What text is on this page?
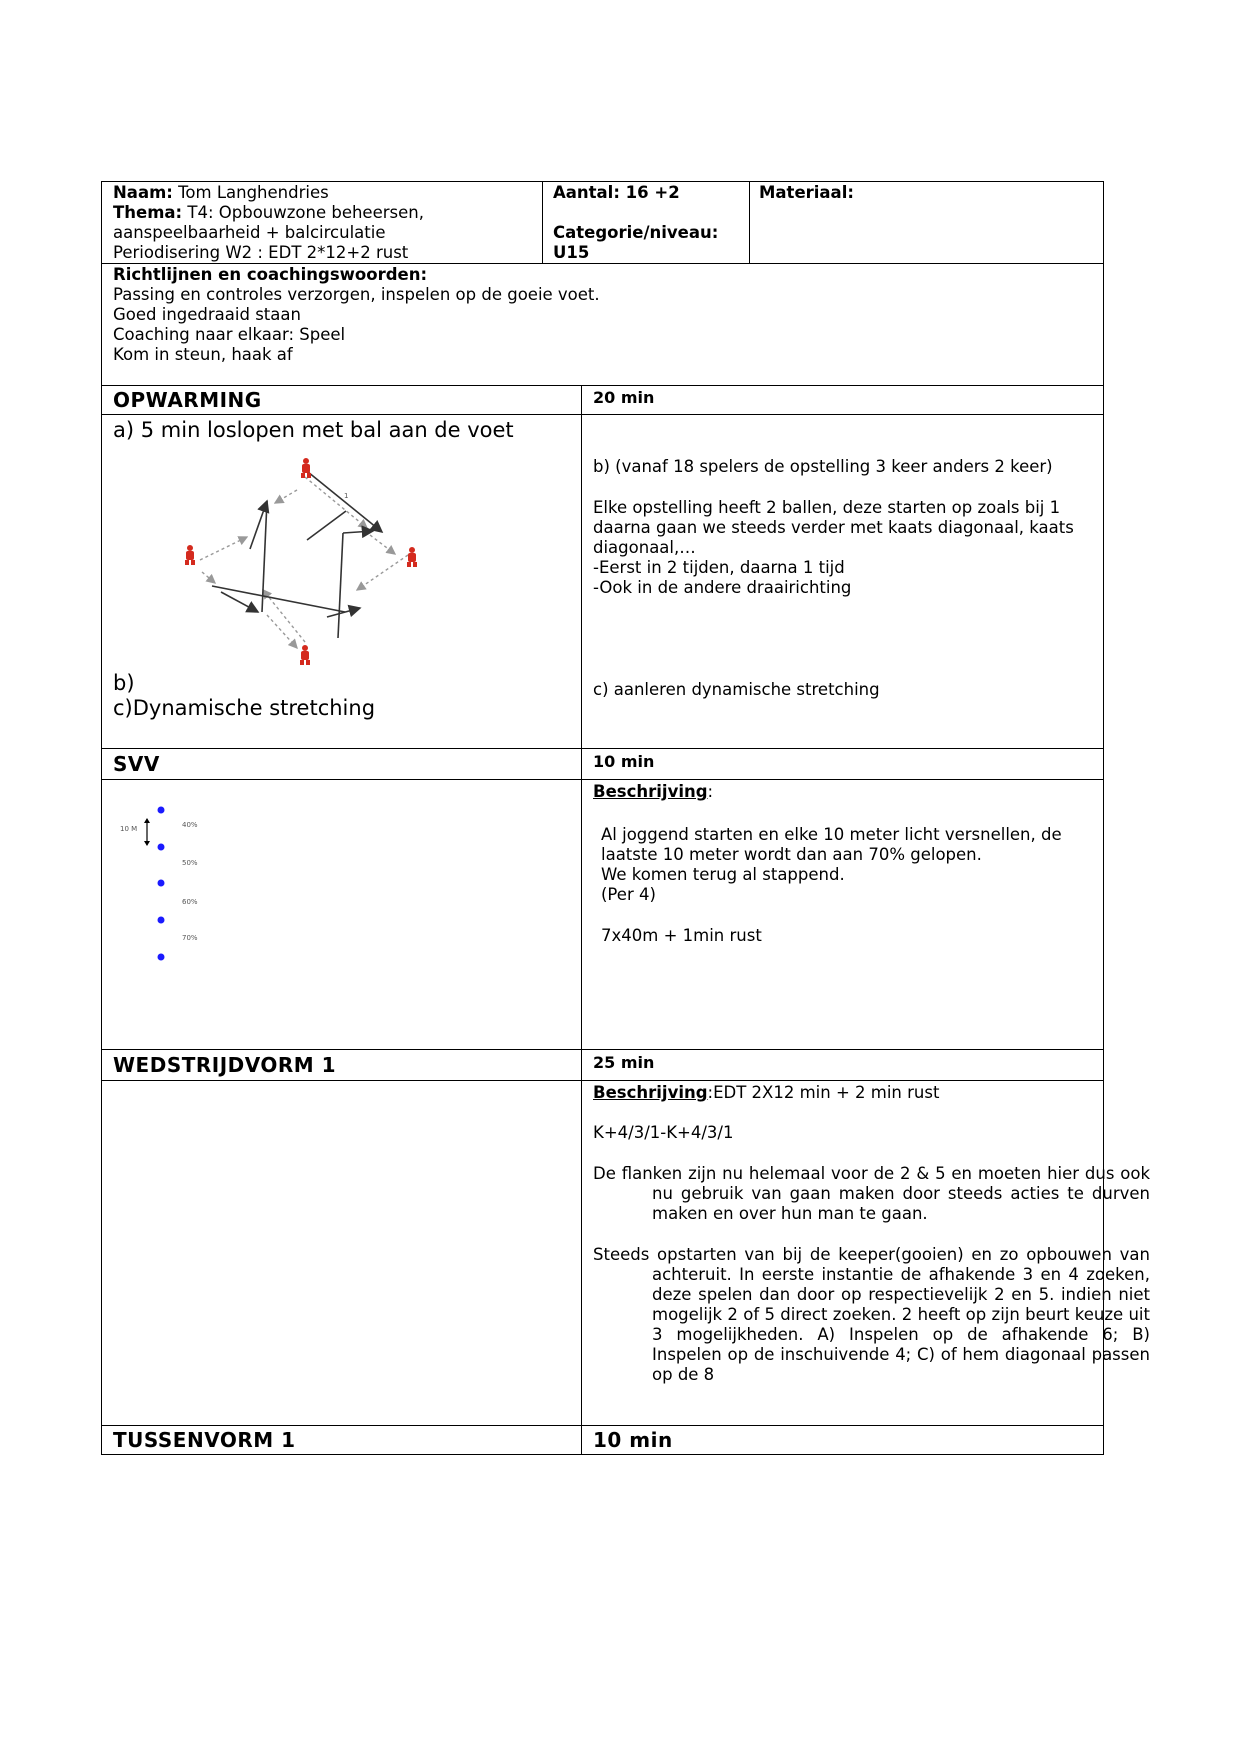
Naam: Tom Langhendries
Thema: T4: Opbouwzone beheersen,
aanspeelbaarheid + balcirculatie
Periodisering W2 : EDT 2*12+2 rust
Aantal: 16 +2
Categorie/niveau:
U15
Materiaal:
Richtlijnen en coachingswoorden:
Passing en controles verzorgen, inspelen op de goeie voet.
Goed ingedraaid staan
Coaching naar elkaar: Speel
Kom in steun, haak af
OPWARMING	20 min
a) 5 min loslopen met bal aan de voet
1
b)
c)Dynamische stretching
b) (vanaf 18 spelers de opstelling 3 keer anders 2 keer)
Elke opstelling heeft 2 ballen, deze starten op zoals bij 1
daarna gaan we steeds verder met kaats diagonaal, kaats
diagonaal,…
-Eerst in 2 tijden, daarna 1 tijd
-Ook in de andere draairichting
c) aanleren dynamische stretching
SVV	10 min
10 M	40%
50%
60%
70%
Beschrijving:
Al joggend starten en elke 10 meter licht versnellen, de
laatste 10 meter wordt dan aan 70% gelopen.
We komen terug al stappend.
(Per 4)
7x40m + 1min rust
WEDSTRIJDVORM 1	25 min
Beschrijving:EDT 2X12 min + 2 min rust
K+4/3/1-K+4/3/1
De flanken zijn nu helemaal voor de 2 & 5 en moeten hier dus ook nu gebruik van gaan maken door steeds acties te durven maken en over hun man te gaan.
Steeds opstarten van bij de keeper(gooien) en zo opbouwen van achteruit. In eerste instantie de afhakende 3 en 4 zoeken, deze spelen dan door op respectievelijk 2 en 5. indien niet mogelijk 2 of 5 direct zoeken. 2 heeft op zijn beurt keuze uit 3 mogelijkheden. A) Inspelen op de afhakende 6; B) Inspelen op de inschuivende 4; C) of hem diagonaal passen op de 8
TUSSENVORM 1	10 min
